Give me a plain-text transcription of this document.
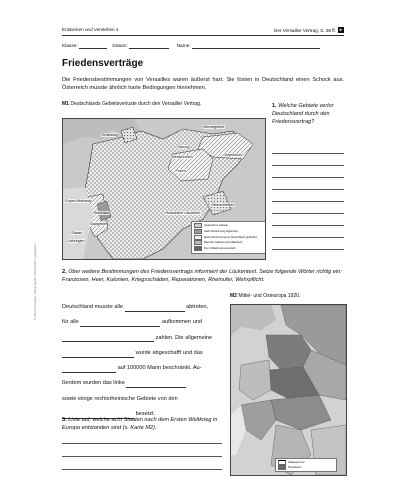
Entdecken und Verstehen 4	Der Versailler Vertrag, S. 38 ff. ►
Klasse:	Datum:	Name:
Friedensverträge
Die Friedensbestimmungen von Versailles waren äußerst hart. Sie lösten in Deutschland einen Schock aus. Österreich musste ähnlich harte Bedingungen hinnehmen.
M1 Deutschlands Gebietsverluste durch den Versailler Vertrag.
Memelgebiet
Schleswig
Danzig
Westpreußen
Posen
Ostpreußen
Eupen-Malmedy
Rheinland
Saargebiet
Elsass
Lothringen
Hultschiner Ländchen
Oberschlesien
Abgetretene Gebiete
Nach Abstimmung abgetreten
Durch Abstimmung bei Deutschland geblieben
Besetzte Gebiete (entmilitarisiert)
Dem Völkerbund unterstellt
1. Welche Gebiete verlor Deutschland durch den Friedensvertrag?
2. Über weitere Bestimmungen des Friedensvertrags informiert der Lückentext. Setze folgende Wörter richtig ein: Franzosen, Heer, Kolonien, Kriegsschäden, Reparationen, Rheinufer, Wehrpflicht.
M2 Mittel- und Osteuropa 1920.
Staatsgrenzen
Neustaaten
Deutschland musste alle	abtreten,
für alle	aufkommen und
zahlen. Die allgemeine
wurde abgeschafft und das
auf 100000 Mann beschränkt. Au-
ßerdem wurden das linke
sowie einige rechtsrheinische Gebiete von den
besetzt.
3. Liste auf, welche acht Staaten nach dem Ersten Weltkrieg in Europa entstanden sind (s. Karte M2).
© 2013 Cornelsen Verlag, Berlin. Alle Rechte vorbehalten.
